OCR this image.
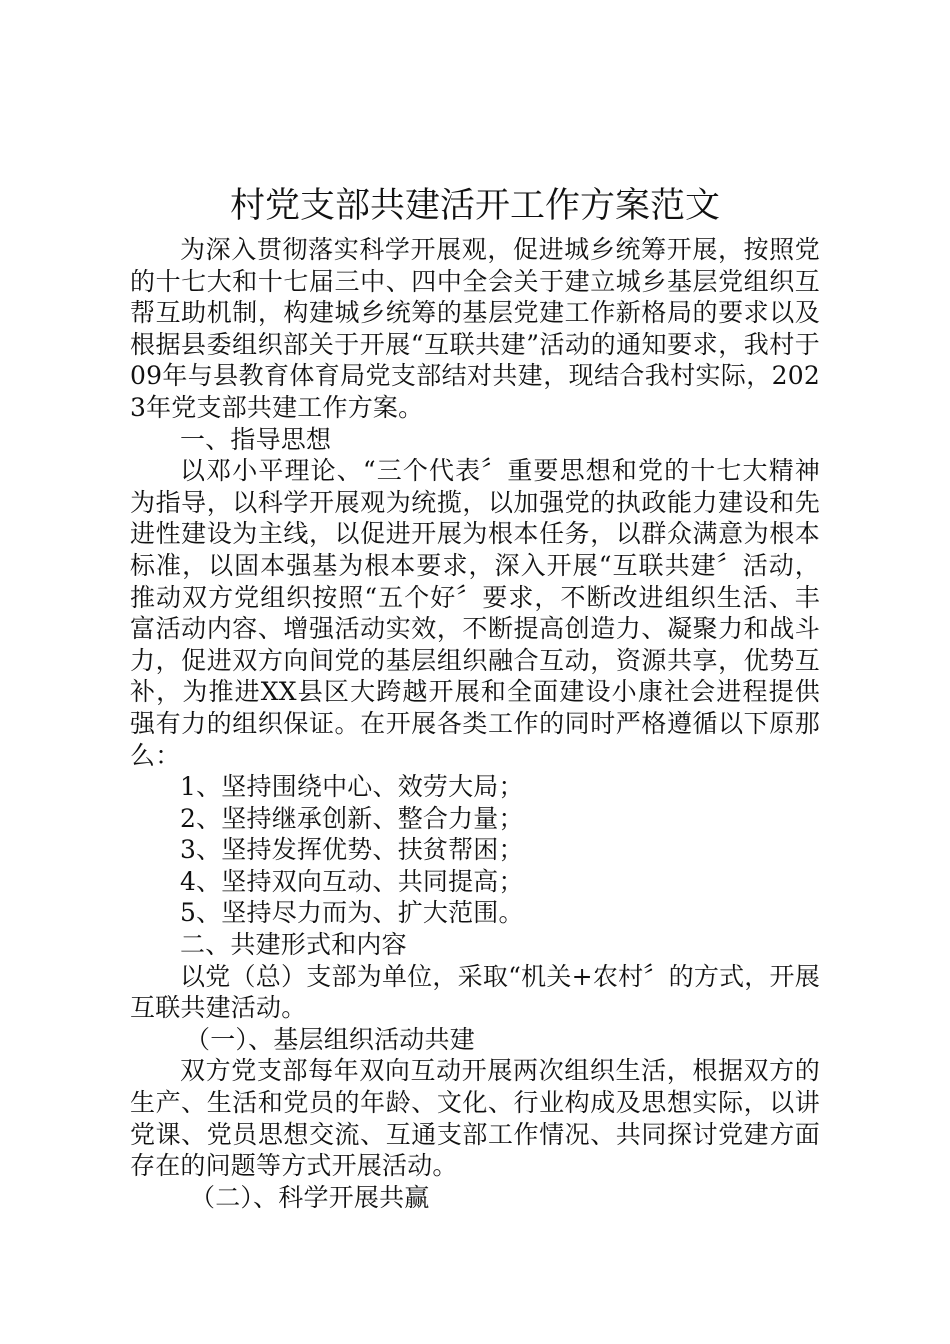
村党支部共建活开工作方案范文

为深入贯彻落实科学开展观，促进城乡统筹开展，按照党的十七大和十七届三中、四中全会关于建立城乡基层党组织互帮互助机制，构建城乡统筹的基层党建工作新格局的要求以及根据县委组织部关于开展“互联共建”活动的通知要求，我村于09年与县教育体育局党支部结对共建，现结合我村实际，2023年党支部共建工作方案。

一、指导思想

以邓小平理论、“三个代表〞重要思想和党的十七大精神为指导，以科学开展观为统揽，以加强党的执政能力建设和先进性建设为主线，以促进开展为根本任务，以群众满意为根本标准，以固本强基为根本要求，深入开展“互联共建〞活动，推动双方党组织按照“五个好〞要求，不断改进组织生活、丰富活动内容、增强活动实效，不断提高创造力、凝聚力和战斗力，促进双方向间党的基层组织融合互动，资源共享，优势互补，为推进XX县区大跨越开展和全面建设小康社会进程提供强有力的组织保证。在开展各类工作的同时严格遵循以下原那么：

1、坚持围绕中心、效劳大局；

2、坚持继承创新、整合力量；

3、坚持发挥优势、扶贫帮困；

4、坚持双向互动、共同提高；

5、坚持尽力而为、扩大范围。

二、共建形式和内容

以党（总）支部为单位，采取“机关+农村〞的方式，开展互联共建活动。

（一）、基层组织活动共建

双方党支部每年双向互动开展两次组织生活，根据双方的生产、生活和党员的年龄、文化、行业构成及思想实际，以讲党课、党员思想交流、互通支部工作情况、共同探讨党建方面存在的问题等方式开展活动。

（二）、科学开展共赢
